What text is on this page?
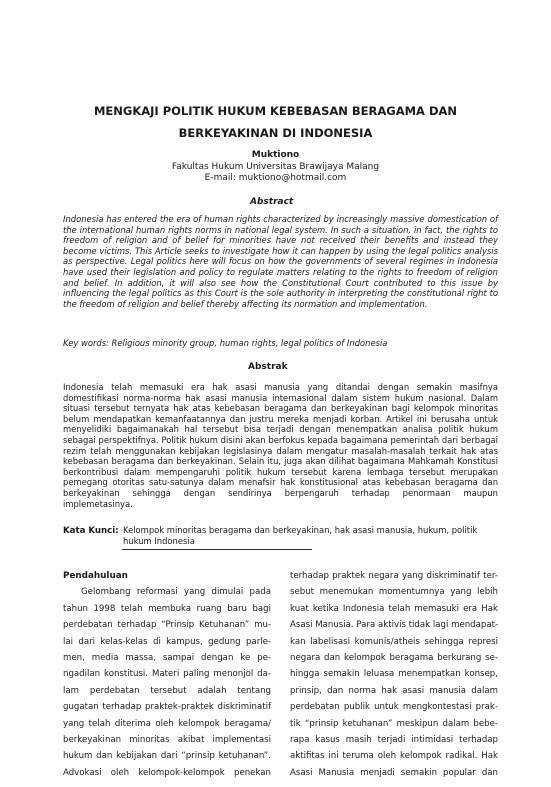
MENGKAJI POLITIK HUKUM KEBEBASAN BERAGAMA DAN
BERKEYAKINAN DI INDONESIA
Muktiono
Fakultas Hukum Universitas Brawijaya Malang
E-mail: muktiono@hotmail.com
Abstract
Indonesia has entered the era of human rights characterized by increasingly massive domestication of the international human rights norms in national legal system. In such a situation, in fact, the rights to freedom of religion and of belief for minorities have not received their benefits and instead they become victims. This Article seeks to investigate how it can happen by using the legal politics analysis as perspective. Legal politics here will focus on how the governments of several regimes in Indonesia have used their legislation and policy to regulate matters relating to the rights to freedom of religion and belief. In addition, it will also see how the Constitutional Court contributed to this issue by influencing the legal politics as this Court is the sole authority in interpreting the constitutional right to the freedom of religion and belief thereby affecting its normation and implementation.
Key words: Religious minority group, human rights, legal politics of Indonesia
Abstrak
Indonesia telah memasuki era hak asasi manusia yang ditandai dengan semakin masifnya domestifikasi norma-norma hak asasi manusia internasional dalam sistem hukum nasional. Dalam situasi tersebut ternyata hak atas kebebasan beragama dan berkeyakinan bagi kelompok minoritas belum mendapatkan kemanfaatannya dan justru mereka menjadi korban. Artikel ini berusaha untuk menyelidiki bagaimanakah hal tersebut bisa terjadi dengan menempatkan analisa politik hukum sebagai perspektifnya. Politik hukum disini akan berfokus kepada bagaimana pemerintah dari berbagai rezim telah menggunakan kebijakan legislasinya dalam mengatur masalah-masalah terkait hak atas kebebasan beragama dan berkeyakinan. Selain itu, juga akan dilihat bagaimana Mahkamah Konstitusi berkontribusi dalam mempengaruhi politik hukum tersebut karena lembaga tersebut merupakan pemegang otoritas satu-satunya dalam menafsir hak konstitusional atas kebebasan beragama dan berkeyakinan sehingga dengan sendirinya berpengaruh terhadap penormaan maupun implemetasinya.
Kata Kunci: Kelompok minoritas beragama dan berkeyakinan, hak asasi manusia, hukum, politik hukum Indonesia
Pendahuluan
Gelombang reformasi yang dimulai pada
tahun 1998 telah membuka ruang baru bagi
perdebatan terhadap “Prinsip Ketuhanan” mu-
lai dari kelas-kelas di kampus, gedung parle-
men, media massa, sampai dengan ke pe-
ngadilan konstitusi. Materi paling menonjol da-
lam perdebatan tersebut adalah tentang
gugatan terhadap praktek-praktek diskriminatif
yang telah diterima oleh kelompok beragama/
berkeyakinan minoritas akibat implementasi
hukum dan kebijakan dari “prinsip ketuhanan”.
Advokasi oleh kelompok-kelompok penekan
terhadap praktek negara yang diskriminatif ter-
sebut menemukan momentumnya yang lebih
kuat ketika Indonesia telah memasuki era Hak
Asasi Manusia. Para aktivis tidak lagi mendapat-
kan labelisasi komunis/atheis sehingga represi
negara dan kelompok beragama berkurang se-
hingga semakin leluasa menempatkan konsep,
prinsip, dan norma hak asasi manusia dalam
perdebatan publik untuk mengkontestasi prak-
tik “prinsip ketuhanan” meskipun dalam bebe-
rapa kasus masih terjadi intimidasi terhadap
aktifitas ini teruma oleh kelompok radikal. Hak
Asasi Manusia menjadi semakin popular dan
